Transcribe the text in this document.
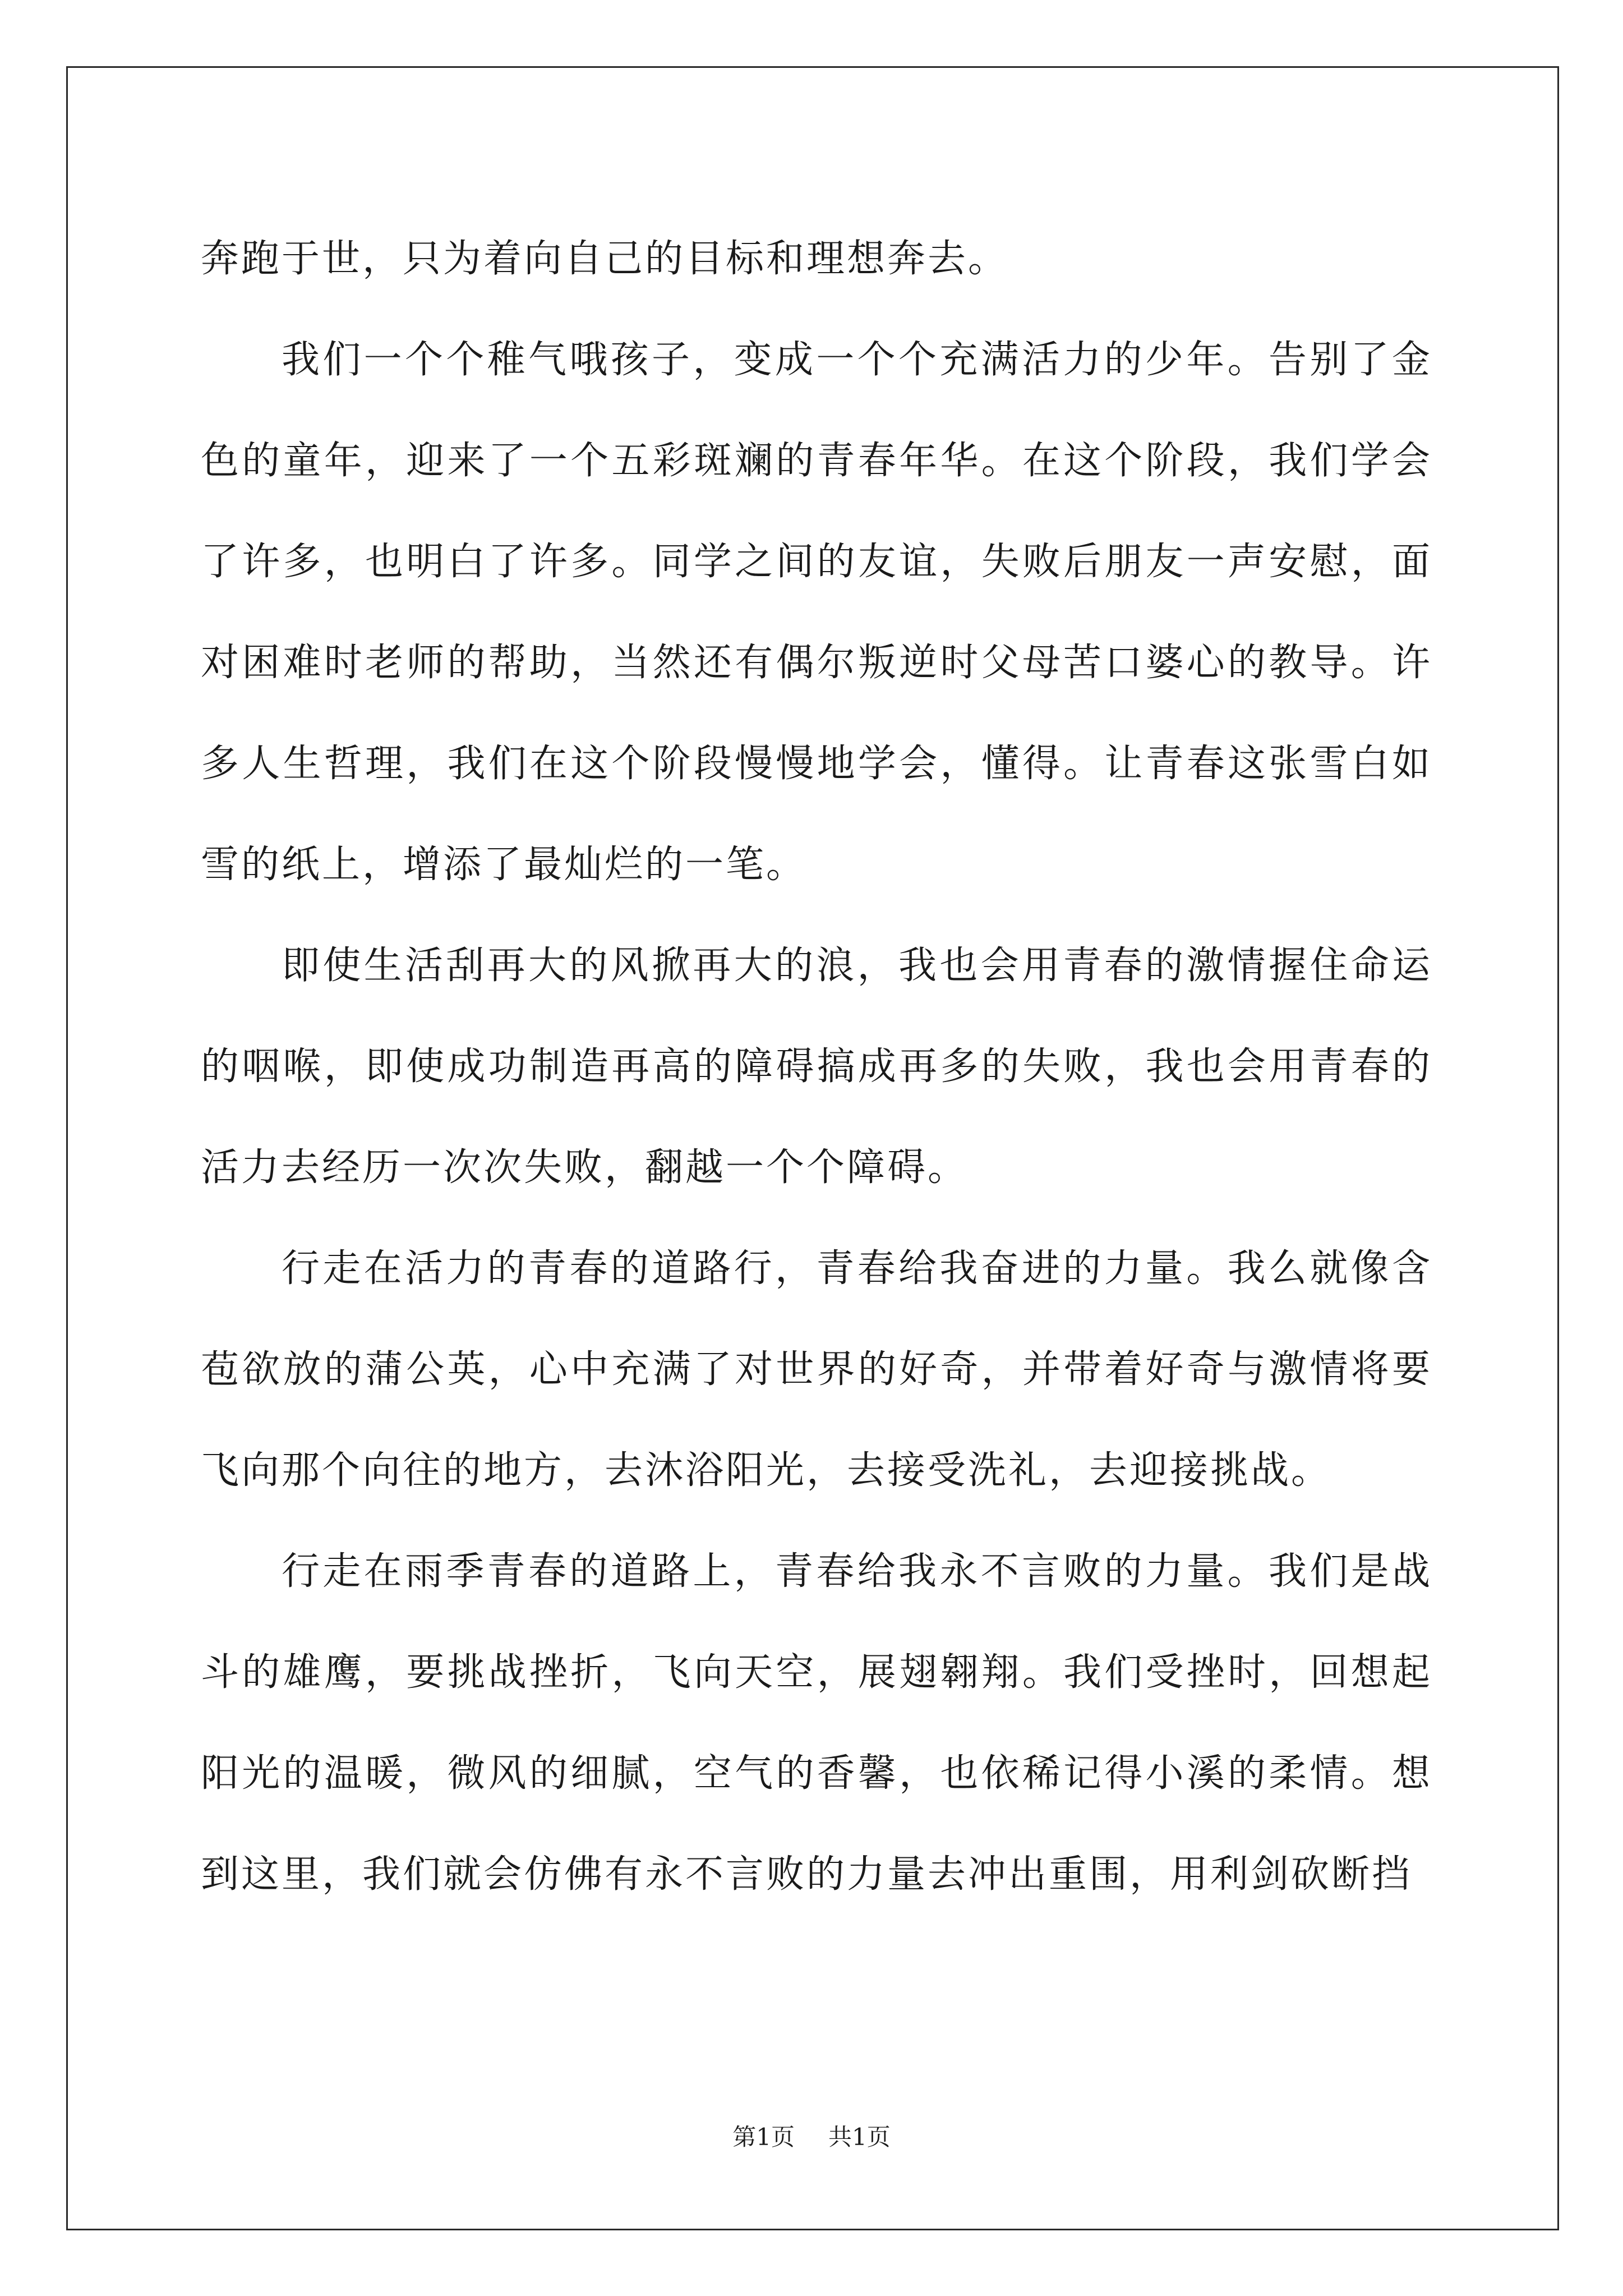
奔跑于世，只为着向自己的目标和理想奔去。

我们一个个稚气哦孩子，变成一个个充满活力的少年。告别了金色的童年，迎来了一个五彩斑斓的青春年华。在这个阶段，我们学会了许多，也明白了许多。同学之间的友谊，失败后朋友一声安慰，面对困难时老师的帮助，当然还有偶尔叛逆时父母苦口婆心的教导。许多人生哲理，我们在这个阶段慢慢地学会，懂得。让青春这张雪白如雪的纸上，增添了最灿烂的一笔。

即使生活刮再大的风掀再大的浪，我也会用青春的激情握住命运的咽喉，即使成功制造再高的障碍搞成再多的失败，我也会用青春的活力去经历一次次失败，翻越一个个障碍。

行走在活力的青春的道路行，青春给我奋进的力量。我么就像含苞欲放的蒲公英，心中充满了对世界的好奇，并带着好奇与激情将要飞向那个向往的地方，去沐浴阳光，去接受洗礼，去迎接挑战。

行走在雨季青春的道路上，青春给我永不言败的力量。我们是战斗的雄鹰，要挑战挫折，飞向天空，展翅翱翔。我们受挫时，回想起阳光的温暖，微风的细腻，空气的香馨，也依稀记得小溪的柔情。想到这里，我们就会仿佛有永不言败的力量去冲出重围，用利剑砍断挡

第1页 共1页
